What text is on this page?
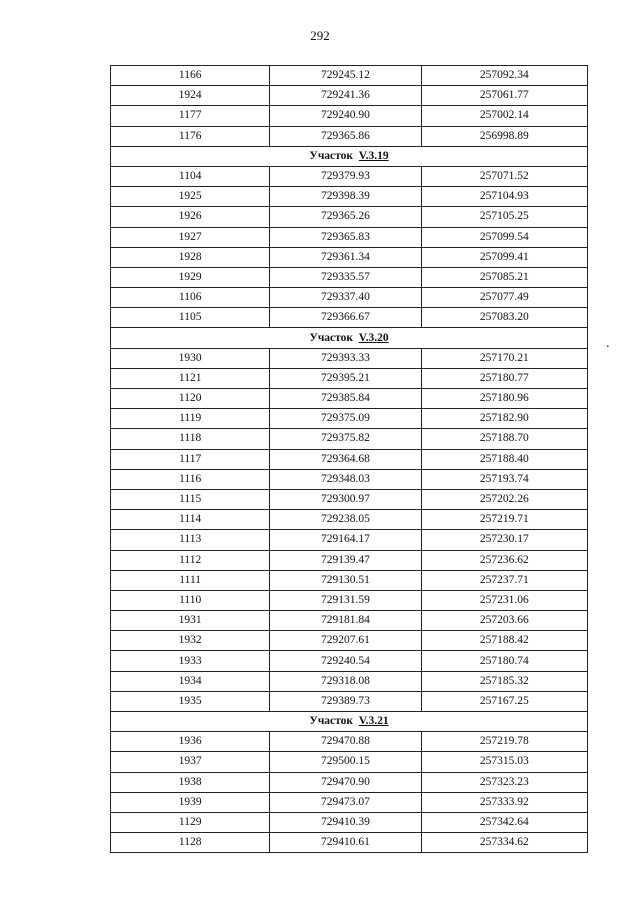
292
.
1166	729245.12	257092.34
1924	729241.36	257061.77
1177	729240.90	257002.14
1176	729365.86	256998.89
Участок V.3.19		
1104	729379.93	257071.52
1925	729398.39	257104.93
1926	729365.26	257105.25
1927	729365.83	257099.54
1928	729361.34	257099.41
1929	729335.57	257085.21
1106	729337.40	257077.49
1105	729366.67	257083.20
Участок V.3.20		
1930	729393.33	257170.21
1121	729395.21	257180.77
1120	729385.84	257180.96
1119	729375.09	257182.90
1118	729375.82	257188.70
1117	729364.68	257188.40
1116	729348.03	257193.74
1115	729300.97	257202.26
1114	729238.05	257219.71
1113	729164.17	257230.17
1112	729139.47	257236.62
1111	729130.51	257237.71
1110	729131.59	257231.06
1931	729181.84	257203.66
1932	729207.61	257188.42
1933	729240.54	257180.74
1934	729318.08	257185.32
1935	729389.73	257167.25
Участок V.3.21		
1936	729470.88	257219.78
1937	729500.15	257315.03
1938	729470.90	257323.23
1939	729473.07	257333.92
1129	729410.39	257342.64
1128	729410.61	257334.62
